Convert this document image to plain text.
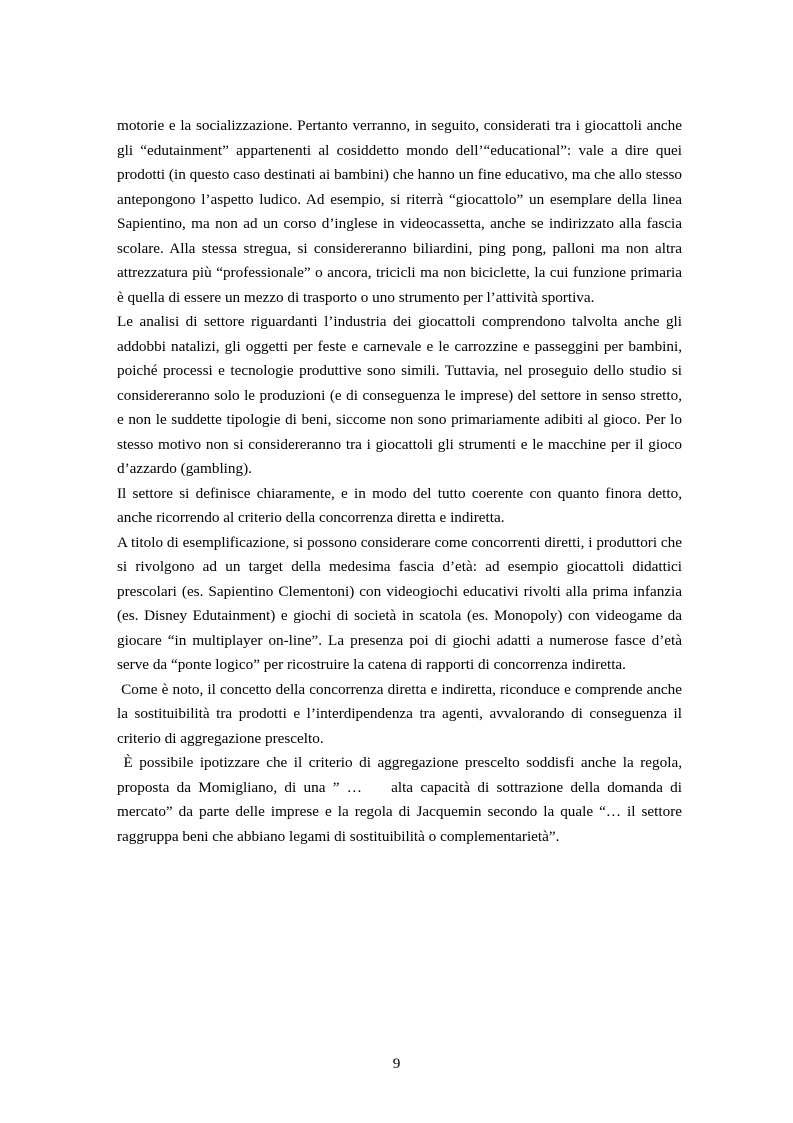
motorie e la socializzazione. Pertanto verranno, in seguito, considerati tra i giocattoli anche gli “edutainment” appartenenti al cosiddetto mondo dell’“educational”: vale a dire quei prodotti (in questo caso destinati ai bambini) che hanno un fine educativo, ma che allo stesso antepongono l’aspetto ludico. Ad esempio, si riterrà “giocattolo” un esemplare della linea Sapientino, ma non ad un corso d’inglese in videocassetta, anche se indirizzato alla fascia scolare. Alla stessa stregua, si considereranno biliardini, ping pong, palloni ma non altra attrezzatura più “professionale” o ancora, tricicli ma non biciclette, la cui funzione primaria è quella di essere un mezzo di trasporto o uno strumento per l’attività sportiva.

Le analisi di settore riguardanti l’industria dei giocattoli comprendono talvolta anche gli addobbi natalizi, gli oggetti per feste e carnevale e le carrozzine e passeggini per bambini, poiché processi e tecnologie produttive sono simili. Tuttavia, nel proseguio dello studio si considereranno solo le produzioni (e di conseguenza le imprese) del settore in senso stretto, e non le suddette tipologie di beni, siccome non sono primariamente adibiti al gioco. Per lo stesso motivo non si considereranno tra i giocattoli gli strumenti e le macchine per il gioco d’azzardo (gambling).

Il settore si definisce chiaramente, e in modo del tutto coerente con quanto finora detto, anche ricorrendo al criterio della concorrenza diretta e indiretta.

A titolo di esemplificazione, si possono considerare come concorrenti diretti, i produttori che si rivolgono ad un target della medesima fascia d’età: ad esempio giocattoli didattici prescolari (es. Sapientino Clementoni) con videogiochi educativi rivolti alla prima infanzia (es. Disney Edutainment) e giochi di società in scatola (es. Monopoly) con videogame da giocare “in multiplayer on-line”. La presenza poi di giochi adatti a numerose fasce d’età serve da “ponte logico” per ricostruire la catena di rapporti di concorrenza indiretta.

Come è noto, il concetto della concorrenza diretta e indiretta, riconduce e comprende anche la sostituibilità tra prodotti e l’interdipendenza tra agenti, avvalorando di conseguenza il criterio di aggregazione prescelto.

È possibile ipotizzare che il criterio di aggregazione prescelto soddisfi anche la regola, proposta da Momigliano, di una ” …    alta capacità di sottrazione della domanda di mercato” da parte delle imprese e la regola di Jacquemin secondo la quale “… il settore raggruppa beni che abbiano legami di sostituibilità o complementarietà”.

9
